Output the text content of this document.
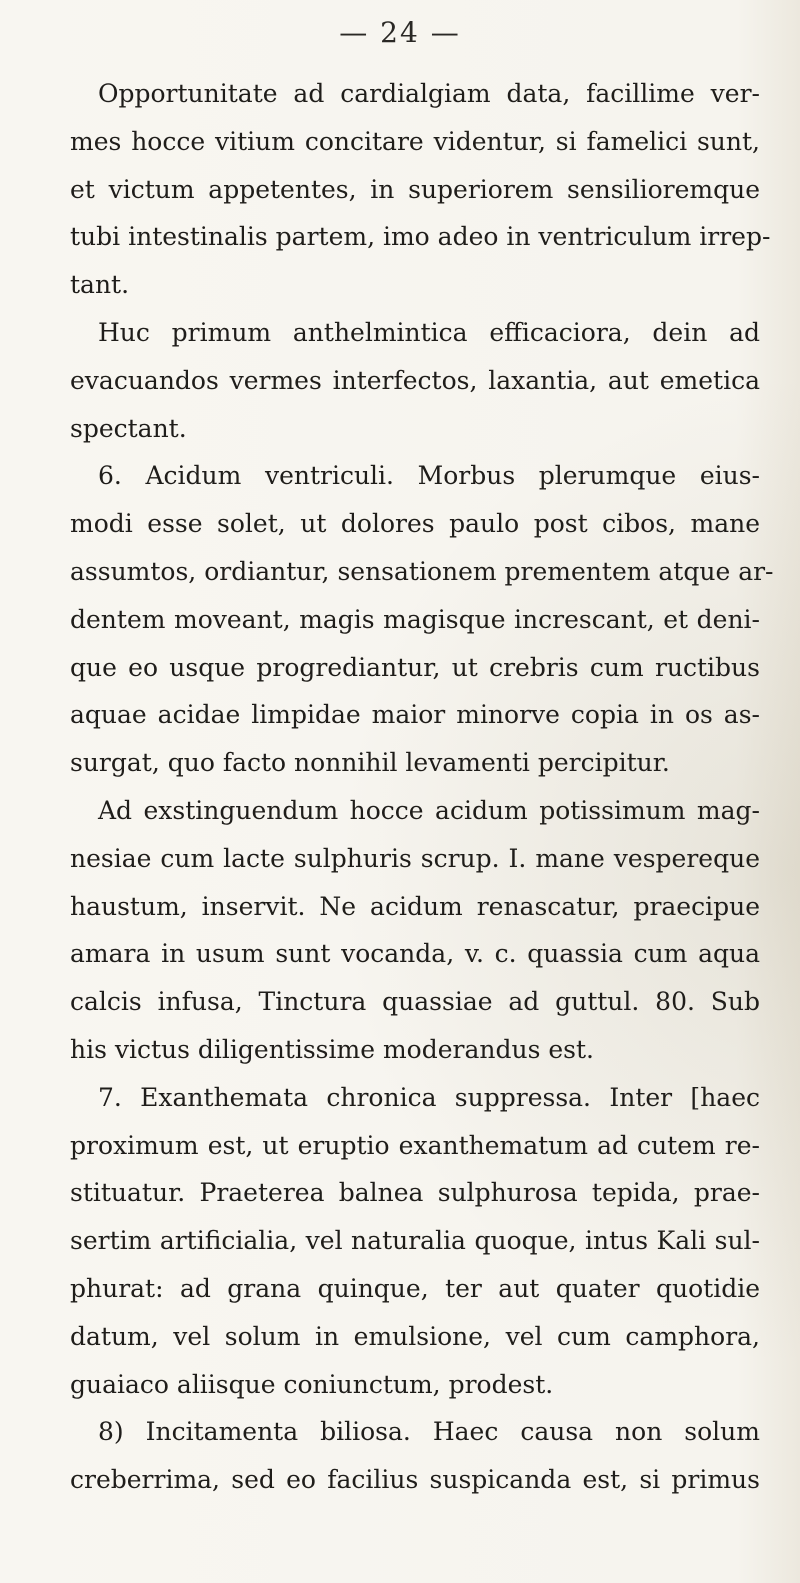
— 24 —
Opportunitate ad cardialgiam data, facillime ver-
mes hocce vitium concitare videntur, si famelici sunt,
et victum appetentes, in superiorem sensilioremque
tubi intestinalis partem, imo adeo in ventriculum irrep-
tant.
Huc primum anthelmintica efficaciora, dein ad
evacuandos vermes interfectos, laxantia, aut emetica
spectant.
6. Acidum ventriculi. Morbus plerumque eius-
modi esse solet, ut dolores paulo post cibos, mane
assumtos, ordiantur, sensationem prementem atque ar-
dentem moveant, magis magisque increscant, et deni-
que eo usque progrediantur, ut crebris cum ructibus
aquae acidae limpidae maior minorve copia in os as-
surgat, quo facto nonnihil levamenti percipitur.
Ad exstinguendum hocce acidum potissimum mag-
nesiae cum lacte sulphuris scrup. I. mane vespereque
haustum, inservit. Ne acidum renascatur, praecipue
amara in usum sunt vocanda, v. c. quassia cum aqua
calcis infusa, Tinctura quassiae ad guttul. 80. Sub
his victus diligentissime moderandus est.
7. Exanthemata chronica suppressa. Inter [haec
proximum est, ut eruptio exanthematum ad cutem re-
stituatur. Praeterea balnea sulphurosa tepida, prae-
sertim artificialia, vel naturalia quoque, intus Kali sul-
phurat: ad grana quinque, ter aut quater quotidie
datum, vel solum in emulsione, vel cum camphora,
guaiaco aliisque coniunctum, prodest.
8) Incitamenta biliosa. Haec causa non solum
creberrima, sed eo facilius suspicanda est, si primus
